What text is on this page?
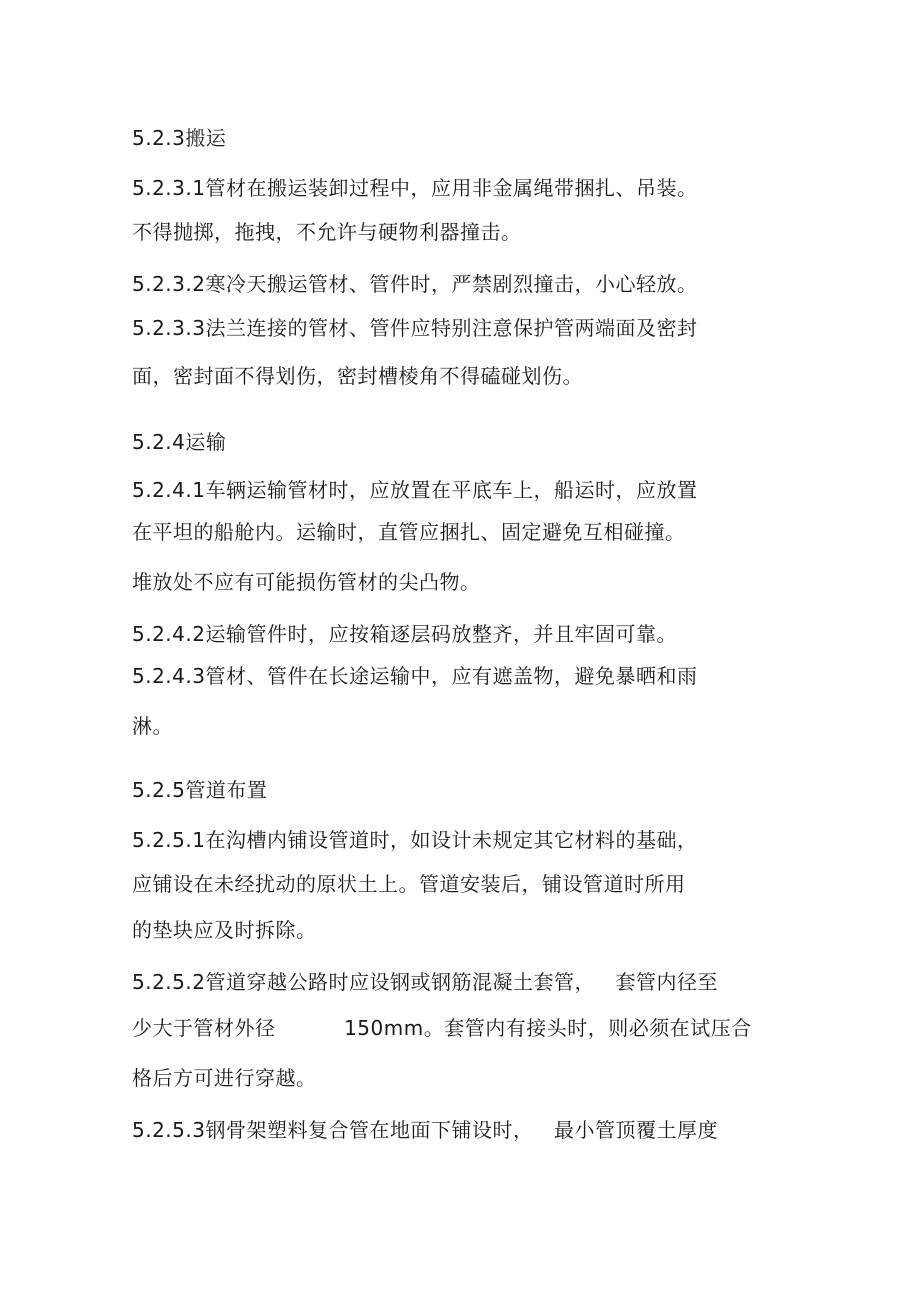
5.2.3搬运
5.2.3.1管材在搬运装卸过程中，应用非金属绳带捆扎、吊装。
不得抛掷，拖拽，不允许与硬物利器撞击。
5.2.3.2寒冷天搬运管材、管件时，严禁剧烈撞击，小心轻放。
5.2.3.3法兰连接的管材、管件应特别注意保护管两端面及密封
面，密封面不得划伤，密封槽棱角不得磕碰划伤。
5.2.4运输
5.2.4.1车辆运输管材时，应放置在平底车上，船运时，应放置
在平坦的船舱内。运输时，直管应捆扎、固定避免互相碰撞。
堆放处不应有可能损伤管材的尖凸物。
5.2.4.2运输管件时，应按箱逐层码放整齐，并且牢固可靠。
5.2.4.3管材、管件在长途运输中，应有遮盖物，避免暴晒和雨
淋。
5.2.5管道布置
5.2.5.1在沟槽内铺设管道时，如设计未规定其它材料的基础，
应铺设在未经扰动的原状土上。管道安装后，铺设管道时所用
的垫块应及时拆除。
5.2.5.2管道穿越公路时应设钢或钢筋混凝土套管，   套管内径至
少大于管材外径          150mm。套管内有接头时，则必须在试压合
格后方可进行穿越。
5.2.5.3钢骨架塑料复合管在地面下铺设时，   最小管顶覆土厚度
